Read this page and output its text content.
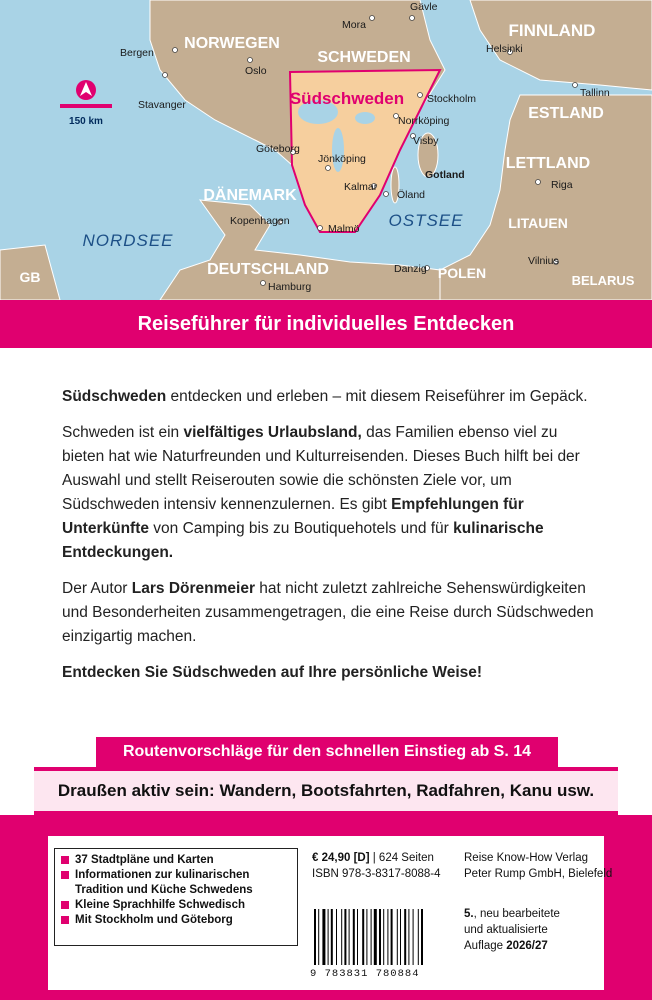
150 km
FINNLAND
NORWEGEN
SCHWEDEN
ESTLAND
LETTLAND
LITAUEN
DÄNEMARK
DEUTSCHLAND	POLEN	BELARUS
GB
NORDSEE
OSTSEE
Südschweden
Mora
Gävle
Helsinki
Bergen
Oslo
Stockholm	Tallinn
Stavanger
Norrköping
Visby
Göteborg
Jönköping
Gotland
Riga
Kalmar
Öland
Kopenhagen
Malmö
Vilnius
Danzig
Hamburg
Reiseführer für individuelles Entdecken

Südschweden entdecken und erleben – mit diesem Reiseführer im Gepäck.

Schweden ist ein vielfältiges Urlaubsland, das Familien ebenso viel zu bieten hat wie Naturfreunden und Kulturreisenden. Dieses Buch hilft bei der Auswahl und stellt Reiserouten sowie die schönsten Ziele vor, um Südschweden intensiv kennenzulernen. Es gibt Empfehlungen für Unterkünfte von Camping bis zu Boutiquehotels und für kulinarische Entdeckungen.

Der Autor Lars Dörenmeier hat nicht zuletzt zahlreiche Sehenswürdigkeiten und Besonderheiten zusammengetragen, die eine Reise durch Südschweden einzigartig machen.

Entdecken Sie Südschweden auf Ihre persönliche Weise!

Routenvorschläge für den schnellen Einstieg ab S. 14
Draußen aktiv sein: Wandern, Bootsfahrten, Radfahren, Kanu usw.
37 Stadtpläne und Karten
Informationen zur kulinarischen
Tradition und Küche Schwedens
Kleine Sprachhilfe Schwedisch
Mit Stockholm und Göteborg
€ 24,90 [D] | 624 Seiten
ISBN 978-3-8317-8088-4
Reise Know-How Verlag
Peter Rump GmbH, Bielefeld
9 783831 780884
5., neu bearbeitete
und aktualisierte
Auflage 2026/27
